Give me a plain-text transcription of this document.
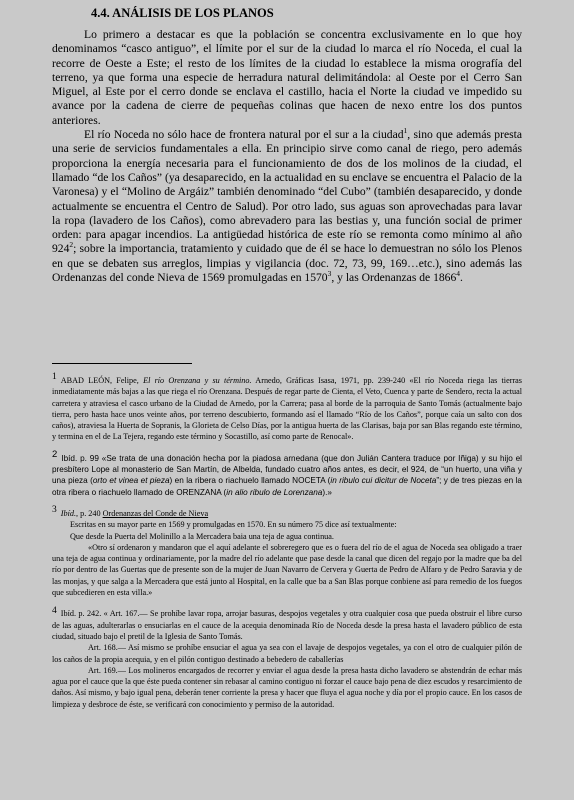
4.4. ANÁLISIS DE LOS PLANOS

Lo primero a destacar es que la población se concentra exclusivamente en lo que hoy denominamos “casco antiguo”, el límite por el sur de la ciudad lo marca el río Noceda, el cual la recorre de Oeste a Este; el resto de los límites de la ciudad lo establece la misma orografía del terreno, ya que forma una especie de herradura natural delimitándola: al Oeste por el Cerro San Miguel, al Este por el cerro donde se enclava el castillo, hacia el Norte la ciudad ve impedido su avance por la cadena de cierre de pequeñas colinas que hacen de nexo entre los dos puntos anteriores.

El río Noceda no sólo hace de frontera natural por el sur a la ciudad$^1$, sino que además presta una serie de servicios fundamentales a ella. En principio sirve como canal de riego, pero además proporciona la energía necesaria para el funcionamiento de dos de los molinos de la ciudad, el llamado “de los Caños” (ya desaparecido, en la actualidad en su enclave se encuentra el Palacio de la Varonesa) y el “Molino de Argáiz” también denominado “del Cubo” (también desaparecido, y donde actualmente se encuentra el Centro de Salud). Por otro lado, sus aguas son aprovechadas para lavar la ropa (lavadero de los Caños), como abrevadero para las bestias y, una función social de primer orden: para apagar incendios. La antigüedad histórica de este río se remonta como mínimo al año $924^2$; sobre la importancia, tratamiento y cuidado que de él se hace lo demuestran no sólo los Plenos en que se debaten sus arreglos, limpias y vigilancia (doc. 72, 73, 99, 169…etc.), sino además las Ordenanzas del conde Nieva de 1569 promulgadas en 1570$^3$, y las Ordenanzas de 1866$^4$.

1 ABAD LEÓN, Felipe, El río Orenzana y su término. Arnedo, Gráficas Isasa, 1971, pp. 239-240 «El río Noceda riega las tierras inmediatamente más bajas a las que riega el río Orenzana. Después de regar parte de Cienta, el Veto, Cuenca y parte de Sendero, recta la actual carretera y atraviesa el casco urbano de la Ciudad de Arnedo, por la Carrera; pasa al borde de la parroquia de Santo Tomás (actualmente bajo tierra, pero hasta hace unos veinte años, por terreno descubierto, formando así el llamado “Río de los Caños”, porque caía un salto con dos caños), atraviesa la Huerta de Sopranis, la Glorieta de Celso Días, por la antigua huerta de las Clarisas, baja por san Blas regando este término, y termina en el de La Tejera, regando este término y Socastillo, así como parte de Renocal».
2 Ibíd. p. 99 «Se trata de una donación hecha por la piadosa arnedana (que don Julián Cantera traduce por Iñiga) y su hijo el presbítero Lope al monasterio de San Martín, de Albelda, fundado cuatro años antes, es decir, el 924, de “un huerto, una viña y una pieza (orto et vinea et pieza) en la ribera o riachuelo llamado NOCETA (in ribulo cui dicitur de Noceta”; y de tres piezas en la otra ribera o riachuelo llamado de ORENZANA (in alio ribulo de Lorenzana).»
3 Ibíd., p. 240 Ordenanzas del Conde de Nieva

Escritas en su mayor parte en 1569 y promulgadas en 1570. En su número 75 dice así textualmente:

Que desde la Puerta del Molinillo a la Mercadera baia una teja de agua continua.

«Otro sí ordenaron y mandaron que el aquí adelante el sobreregero que es o fuera del río de el agua de Noceda sea obligado a traer una teja de agua continua y ordinariamente, por la madre del río adelante que pase desde la canal que dicen del regajo por la madre que ba del río por dentro de las Guertas que de presente son de la mujer de Juan Navarro de Cervera y Guerta de Pedro de Alfaro y de Pedro Saravia y de las monjas, y que salga a la Mercadera que está junto al Hospital, en la calle que ba a San Blas porque conbiene así para remedio de los fuegos que subcedieren en esta villa.»

4 Ibíd. p. 242. « Art. 167.— Se prohíbe lavar ropa, arrojar basuras, despojos vegetales y otra cualquier cosa que pueda obstruir el libre curso de las aguas, adulterarlas o ensuciarlas en el cauce de la acequia denominada Río de Noceda desde la presa hasta el lavadero público de esta ciudad, situado bajo el pretil de la Iglesia de Santo Tomás.

Art. 168.— Así mismo se prohíbe ensuciar el agua ya sea con el lavaje de despojos vegetales, ya con el otro de cualquier pilón de los caños de la propia acequia, y en el pilón contiguo destinado a bebedero de caballerías

Art. 169.— Los molineros encargados de recorrer y enviar el agua desde la presa hasta dicho lavadero se abstendrán de echar más agua por el cauce que la que éste pueda contener sin rebasar al camino contiguo ni forzar el cauce bajo pena de diez escudos y resarcimiento de daños. Así mismo, y bajo igual pena, deberán tener corriente la presa y hacer que fluya el agua noche y día por el propio cauce. En los casos de limpieza y desbroce de éste, se verificará con conocimiento y permiso de la autoridad.
